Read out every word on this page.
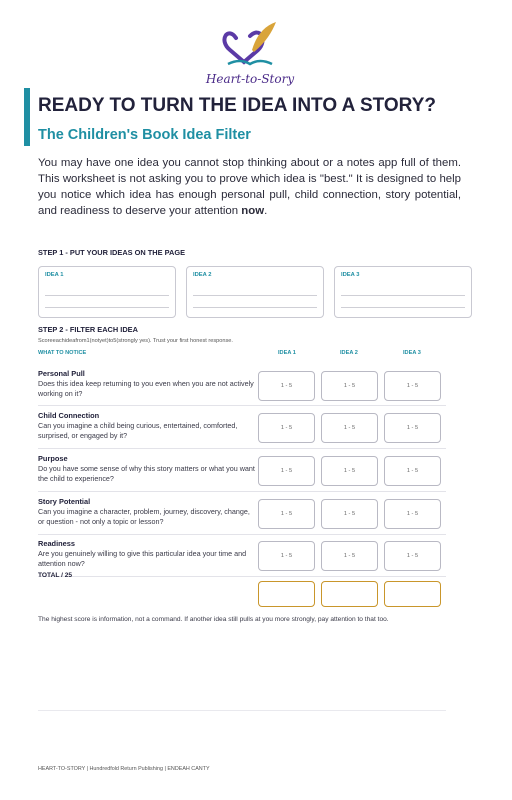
Heart-to-Story
READY TO TURN THE IDEA INTO A STORY?
The Children's Book Idea Filter
You may have one idea you cannot stop thinking about or a notes app full of them. This worksheet is not asking you to prove which idea is "best." It is designed to help you notice which idea has enough personal pull, child connection, story potential, and readiness to deserve your attention now.
STEP 1 - PUT YOUR IDEAS ON THE PAGE
IDEA 1	IDEA 2	IDEA 3
STEP 2 - FILTER EACH IDEA
Scoreeachideafrom1(notyet)to5(strongly yes). Trust your first honest response.
WHAT TO NOTICE	IDEA 1	IDEA 2	IDEA 3
Personal Pull
Does this idea keep returning to you even when you are not actively working on it?
1 - 5	1 - 5	1 - 5
Child Connection
Can you imagine a child being curious, entertained, comforted, surprised, or engaged by it?
1 - 5	1 - 5	1 - 5
Purpose
Do you have some sense of why this story matters or what you want the child to experience?
1 - 5	1 - 5	1 - 5
Story Potential
Can you imagine a character, problem, journey, discovery, change, or question - not only a topic or lesson?
1 - 5	1 - 5	1 - 5
Readiness
Are you genuinely willing to give this particular idea your time and attention now?
1 - 5	1 - 5	1 - 5
TOTAL / 25
The highest score is information, not a command. If another idea still pulls at you more strongly, pay attention to that too.
HEART-TO-STORY | Hundredfold Return Publishing | ENDEAH CANTY
